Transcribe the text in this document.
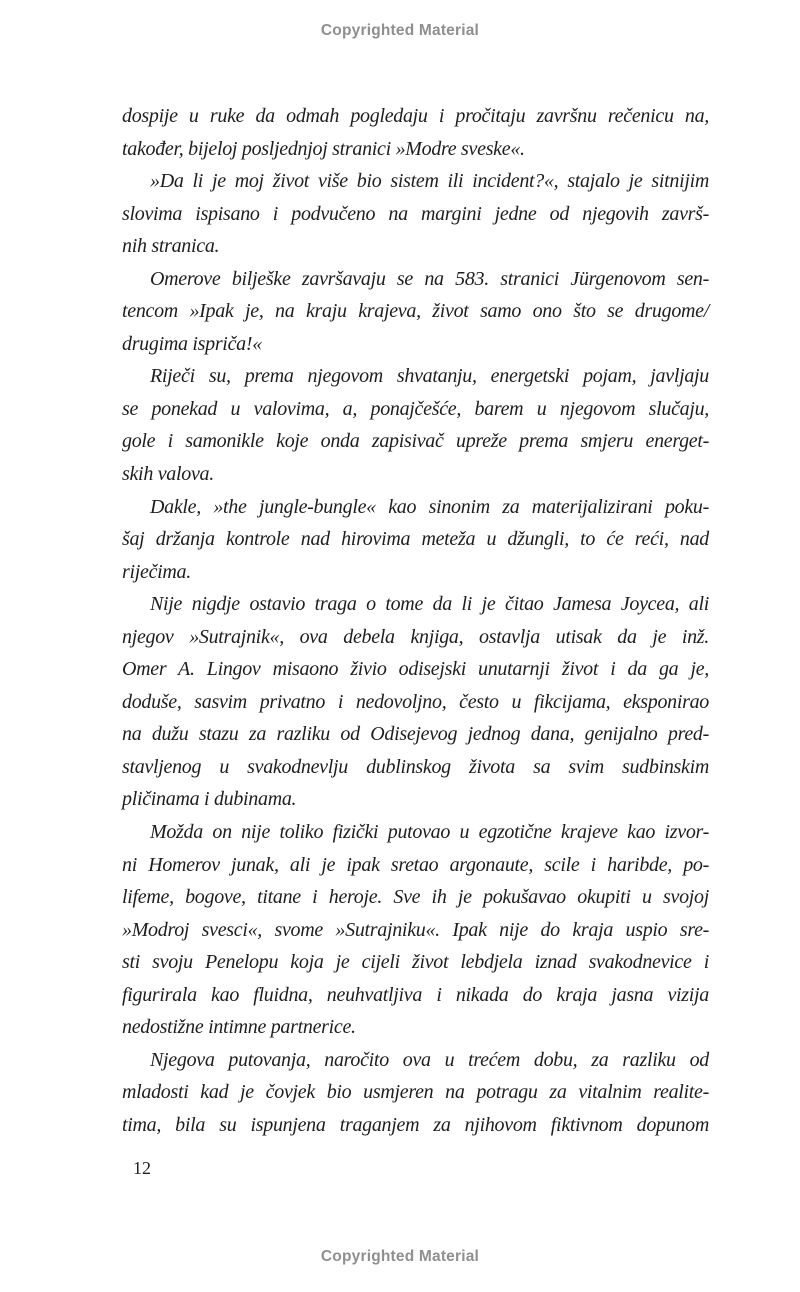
Copyrighted Material
dospije u ruke da odmah pogledaju i pročitaju završnu rečenicu na,
također, bijeloj posljednjoj stranici »Modre sveske«.
»Da li je moj život više bio sistem ili incident?«, stajalo je sitnijim
slovima ispisano i podvučeno na margini jedne od njegovih završ-
nih stranica.
Omerove bilješke završavaju se na 583. stranici Jürgenovom sen-
tencom »Ipak je, na kraju krajeva, život samo ono što se drugome/
drugima ispriča!«
Riječi su, prema njegovom shvatanju, energetski pojam, javljaju
se ponekad u valovima, a, ponajčešće, barem u njegovom slučaju,
gole i samonikle koje onda zapisivač upreže prema smjeru energet-
skih valova.
Dakle, »the jungle-bungle« kao sinonim za materijalizirani poku-
šaj držanja kontrole nad hirovima meteža u džungli, to će reći, nad
riječima.
Nije nigdje ostavio traga o tome da li je čitao Jamesa Joycea, ali
njegov »Sutrajnik«, ova debela knjiga, ostavlja utisak da je inž.
Omer A. Lingov misaono živio odisejski unutarnji život i da ga je,
doduše, sasvim privatno i nedovoljno, često u fikcijama, eksponirao
na dužu stazu za razliku od Odisejevog jednog dana, genijalno pred-
stavljenog u svakodnevlju dublinskog života sa svim sudbinskim
pličinama i dubinama.
Možda on nije toliko fizički putovao u egzotične krajeve kao izvor-
ni Homerov junak, ali je ipak sretao argonaute, scile i haribde, po-
lifeme, bogove, titane i heroje. Sve ih je pokušavao okupiti u svojoj
»Modroj svesci«, svome »Sutrajniku«. Ipak nije do kraja uspio sre-
sti svoju Penelopu koja je cijeli život lebdjela iznad svakodnevice i
figurirala kao fluidna, neuhvatljiva i nikada do kraja jasna vizija
nedostižne intimne partnerice.
Njegova putovanja, naročito ova u trećem dobu, za razliku od
mladosti kad je čovjek bio usmjeren na potragu za vitalnim realite-
tima, bila su ispunjena traganjem za njihovom fiktivnom dopunom
12
Copyrighted Material
